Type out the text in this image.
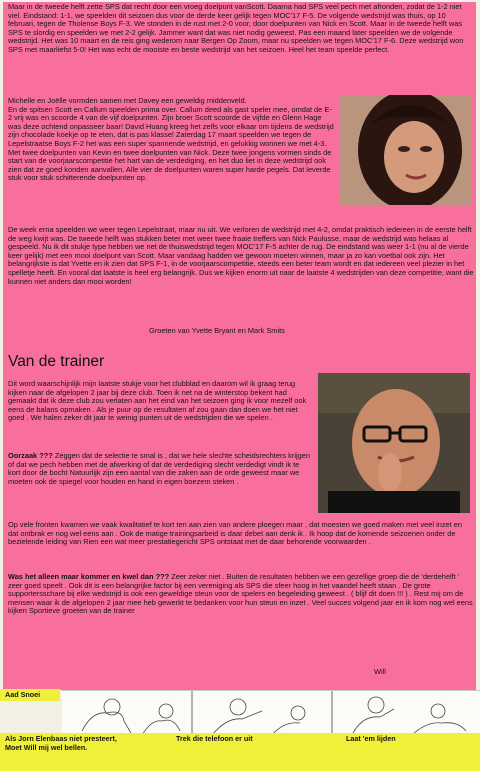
Maar in de tweede helft zette SPS dat recht door een vroeg doelpunt vanScott. Daarna had SPS veel pech met afronden, zodat de 1-2 niet viel. Eindstand: 1-1, we speelden dit seizoen dus voor de derde keer gelijk tegen MOC'17 F-5. De volgende wedstrijd was thuis, op 10 februari, tegen de Tholense Boys F-3. We stonden in de rust met 2-0 voor, door doelpunten van Nick en Scott. Maar in de tweede helft was SPS te slordig en speelden we met 2-2 gelijk. Jammer want dat was niet nodig geweest. Pas een maand later speelden we de volgende wedstrijd. Het was 10 maart en de reis ging wederom naar Bergen Op Zoom, maar nu speelden we tegen MOC'17 F-6. Deze wedstrijd won SPS met maarliefst 5-0! Het was echt de mooiste en beste wedstrijd van het seizoen. Heel het team speelde perfect.

Michelle en Joëlle vormden samen met Davey een geweldig middenveld.
En de spitsen Scott en Callum speelden prima over. Callum deed als gast speler mee, omdat de E-2 vrij was en scoorde 4 van de vijf doelpunten. Zijn broer Scott scoorde de vijfde en Glenn Hage was deze ochtend onpasseer baar! David Huang kreeg het zelfs voor elkaar om tijdens de wedstrijd zijn chocolade koekje op te eten, dat is pas klasse! Zaterdag 17 maart speelden we tegen de Lepelstraatse Boys F-2 het was een super spannende wedstrijd, en gelukkig wonnen we met 4-3. Met twee doelpunten van Kevin en twee doelpunten van Nick. Deze twee jongens vormen sinds de start van de voorjaarscompetitie het hart van de verdediging, en het duo liet in deze wedstrijd ook zien dat ze goed konden aanvallen. Alle vier de doelpunten waren super harde pegels. Dat leverde stuk voor stuk schitterende doelpunten op.

De week erna speelden we weer tegen Lepelstraat, maar nu uit. We verloren de wedstrijd met 4-2, omdat praktisch iedereen in de eerste helft de weg kwijt was. De tweede helft was stukken beter met weer twee fraaie treffers van Nick Paulusse, maar de wedstrijd was helaas al gespeeld. Nu ik dit stukje type hebben we net de thuiswedstrijd tegen MOC'17 F-5 achter de rug. De eindstand was weer 1-1 (nu al de vierde keer gelijk) met een mooi doelpunt van Scott. Maar vandaag hadden we gewoon moeten winnen, maar ja zo kan voetbal ook zijn. Het belangrijkste is dat Yvette en ik zien dat SPS F-1, in de voorjaarscompetitie, steeds een beter team wordt en dat iedereen veel plezier in het spelletje heeft. En vooral dat laatste is heel erg belangrijk. Dus we kijken enorm uit naar de laatste 4 wedstrijden van deze competitie, want die kunnen niet anders dan mooi worden!

Groeten van Yvette Bryant en Mark Smits

Van de trainer

Dit word waarschijnlijk mijn laatste stukje voor het clubblad en daarom wil ik graag terug kijken naar de afgelopen 2 jaar bij deze club. Toen ik net na de winterstop bekent had gemaakt dat ik deze club zou verlaten aan het eind van het seizoen ging ik voor mezelf ook eens de balans opmaken . Als je puur op de resultaten af zou gaan dan doen we het niet goed . We halen zeker dit jaar te weinig punten uit de wedstrijden die we spelen .

Oorzaak ??? Zeggen dat de selectie te smal is , dat we hele slechte scheidsrechters krijgen of dat we pech hebben met de afwerking of dat de verdediging slecht verdedigt vindt ik te kort door de bocht Natuurlijk zijn een aantal van die zaken aan de orde geweest maar we moeten ook de spiegel voor houden en hand in eigen boezem steken .

Op vele fronten kwamen we vaak kwalitatief te kort ten aan zien van andere ploegen maar , dat moesten we goed maken met veel inzet en dat ontbrak er nog wel eens aan . Ook de matige trainingsarbeid is daar debet aan denk ik . Ik hoop dat de komende seizoenen onder de bezielende leiding van Rien een wat meer prestatiegericht SPS ontstaat met de daar behorende voorwaarden .

Was het alleen maar kommer en kwel dan ??? Zeer zeker niet . Buiten de resultaten hebben we een gezellige groep die de 'derdehelft ' zeer goed speelt . Ook dit is een belangrijke factor bij een vereniging als SPS die sfeer hoog in het vaandel heeft staan . De grote supportersschare bij elke wedstrijd is ook een geweldige steun voor de spelers en begeleiding geweest . ( blijf dit doen !!! ) . Rest mij om de mensen waar ik de afgelopen 2 jaar mee heb gewerkt te bedanken voor hun steun en inzet . Veel succes volgend jaar en ik kom nog wel eens kijken Sportieve groeten van de trainer

Will

Aad Snoei

Als Jorn Elenbaas niet presteert,
Moet Will mij wel bellen.

Trek die telefoon er uit	Laat 'em lijden
